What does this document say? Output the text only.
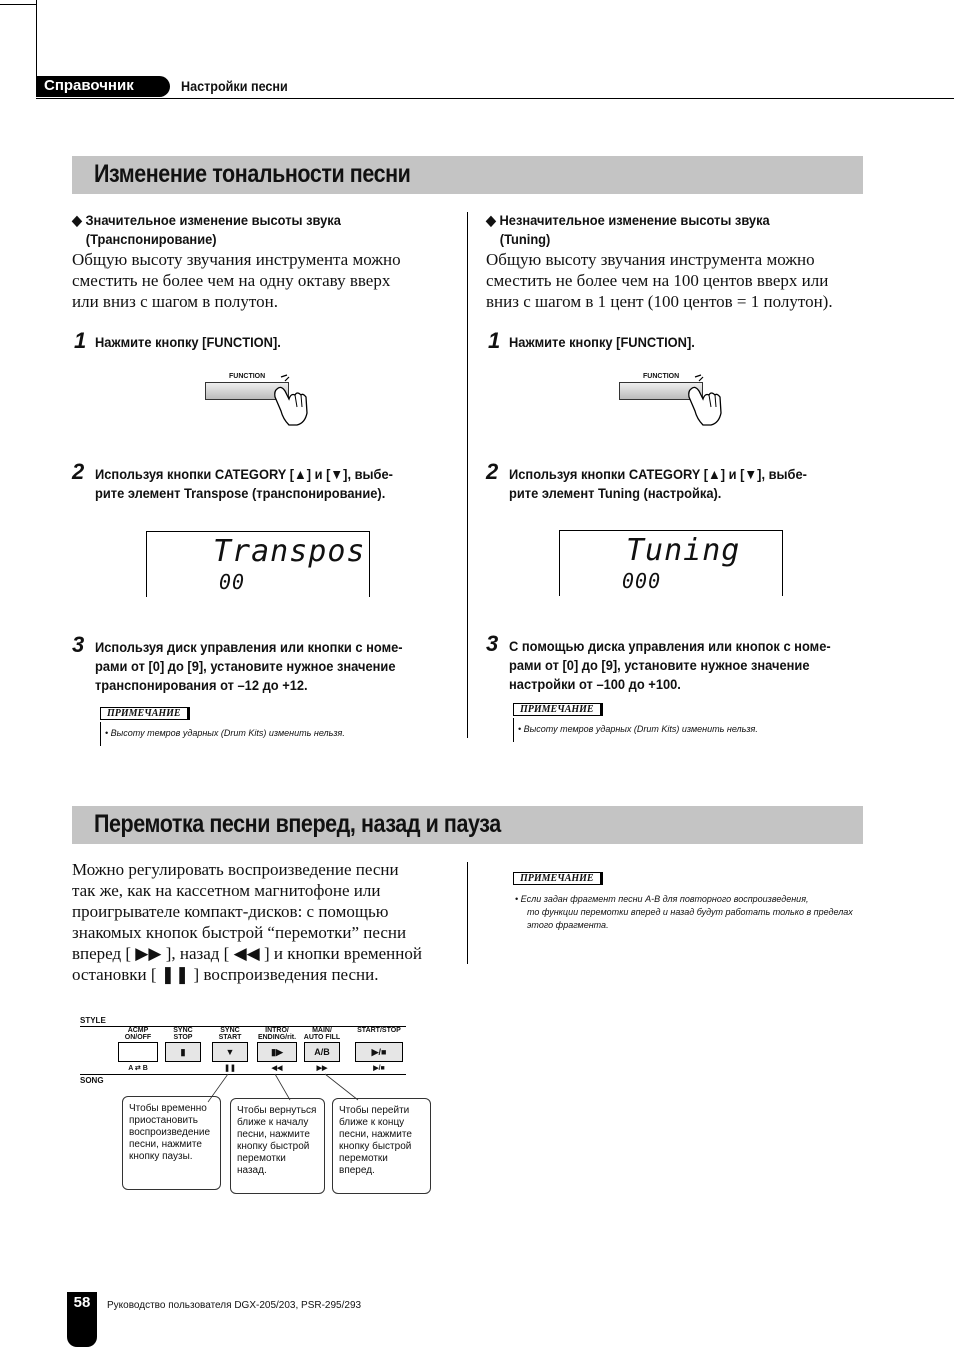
Справочник	Настройки песни
Изменение тональности песни
◆ Значительное изменение высоты звука
(Транспонирование)
Общую высоту звучания инструмента можно
сместить не более чем на одну октаву вверх
или вниз с шагом в полутон.
1 Нажмите кнопку [FUNCTION].
FUNCTION
2 Используя кнопки CATEGORY [▲] и [▼], выбе-
рите элемент Transpose (транспонирование).
Transpos
00
3 Используя диск управления или кнопки с номе-
рами от [0] до [9], установите нужное значение
транспонирования от –12 до +12.
ПРИМЕЧАНИЕ
• Высоту темров ударных (Drum Kits) изменить нельзя.
◆ Незначительное изменение высоты звука
(Tuning)
Общую высоту звучания инструмента можно
сместить не более чем на 100 центов вверх или
вниз с шагом в 1 цент (100 центов = 1 полутон).
1 Нажмите кнопку [FUNCTION].
FUNCTION
2 Используя кнопки CATEGORY [▲] и [▼], выбе-
рите элемент Tuning (настройка).
Tuning
000
3 С помощью диска управления или кнопок с номе-
рами от [0] до [9], установите нужное значение
настройки от –100 до +100.
ПРИМЕЧАНИЕ
• Высоту темров ударных (Drum Kits) изменить нельзя.
Перемотка песни вперед, назад и пауза
Можно регулировать воспроизведение песни
так же, как на кассетном магнитофоне или
проигрывателе компакт-дисков: с помощью
знакомых кнопок быстрой “перемотки” песни
вперед [ ▶▶ ], назад [ ◀◀ ] и кнопки временной
остановки [ ❚❚ ] воспроизведения песни.
ПРИМЕЧАНИЕ
• Если задан фрагмент песни A-B для повторного воспроизведения,
то функции перемотки вперед и назад будут работать только в пределах
этого фрагмента.
STYLE
SONG
ACMP
ON/OFF
A ⇄ B
SYNC
STOP
▮
SYNC
START
▼
❚❚
INTRO/
ENDING/rit.
▮▶
◀◀
MAIN/
AUTO FILL
A/B
▶▶
START/STOP
▶/■
▶/■
Чтобы временно
приостановить
воспроизведение
песни, нажмите
кнопку паузы.
Чтобы вернуться
ближе к началу
песни, нажмите
кнопку быстрой
перемотки назад.
Чтобы перейти
ближе к концу
песни, нажмите
кнопку быстрой
перемотки вперед.
58	Руководство пользователя DGX-205/203, PSR-295/293
